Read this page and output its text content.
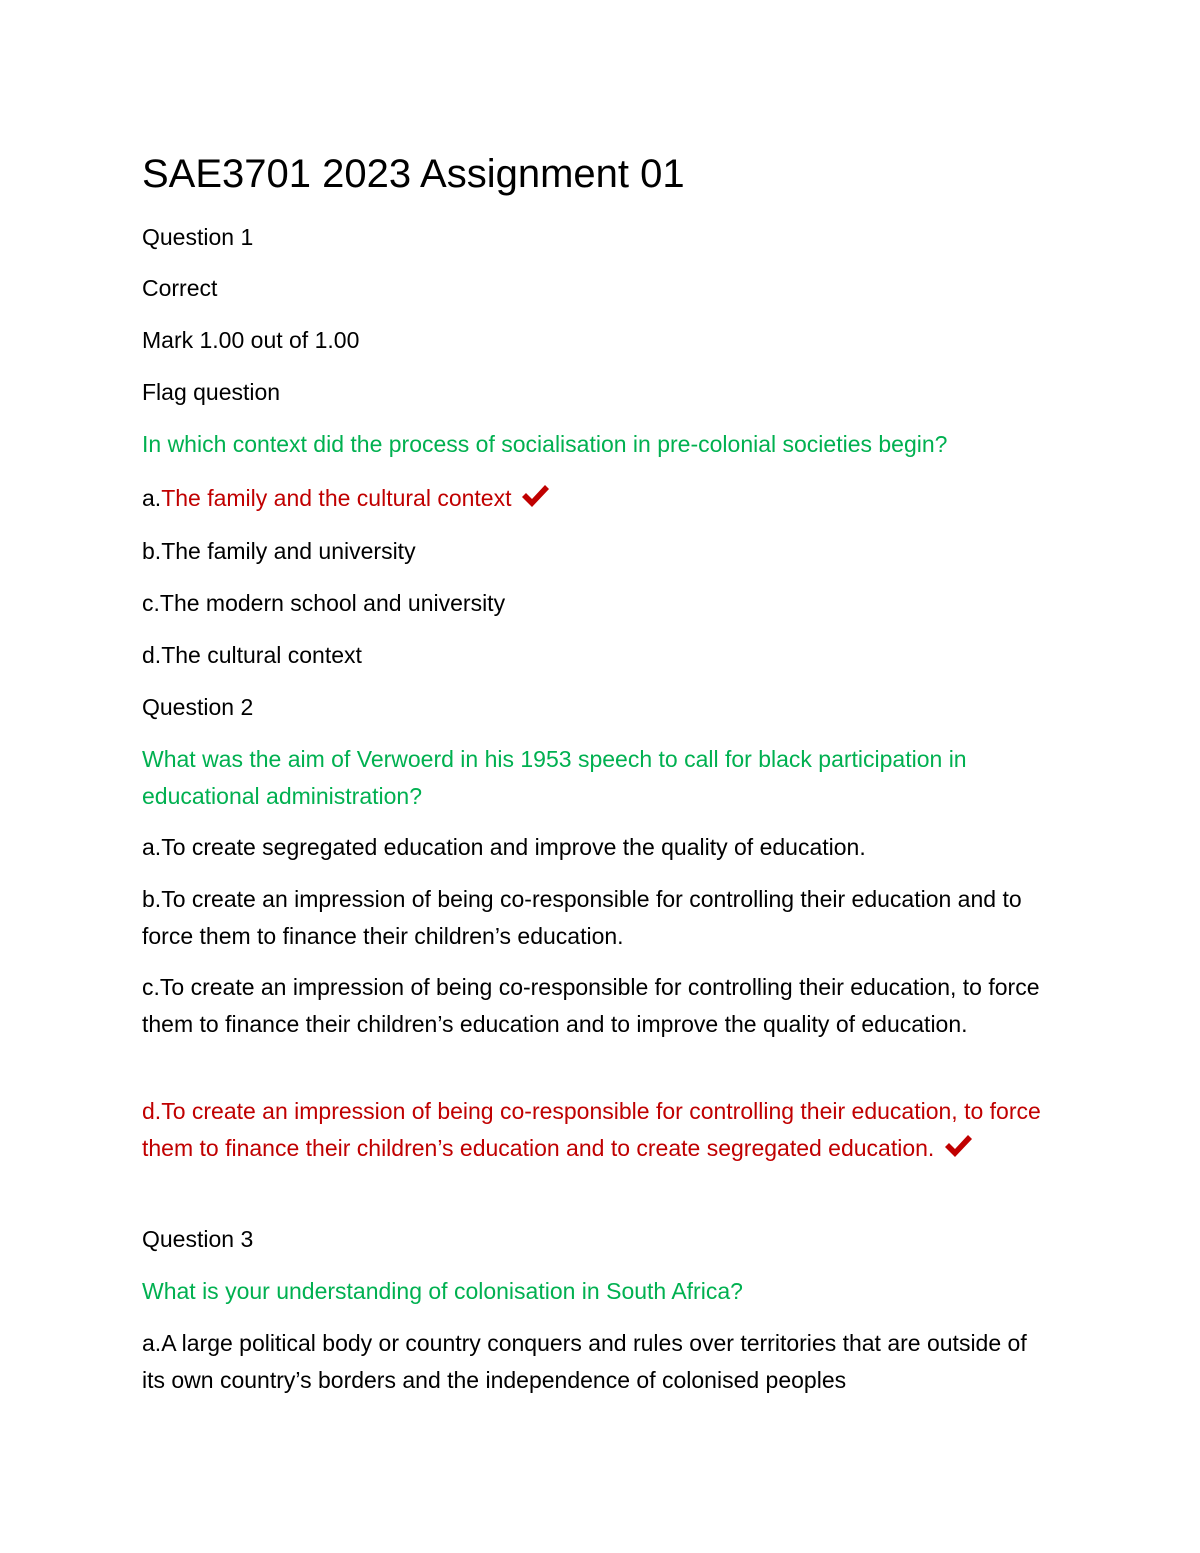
SAE3701 2023 Assignment 01

Question 1

Correct

Mark 1.00 out of 1.00

Flag question

In which context did the process of socialisation in pre-colonial societies begin?

a.The family and the cultural context

b.The family and university

c.The modern school and university

d.The cultural context

Question 2

What was the aim of Verwoerd in his 1953 speech to call for black participation in educational administration?

a.To create segregated education and improve the quality of education.

b.To create an impression of being co-responsible for controlling their education and to force them to finance their children’s education.

c.To create an impression of being co-responsible for controlling their education, to force them to finance their children’s education and to improve the quality of education.

d.To create an impression of being co-responsible for controlling their education, to force them to finance their children’s education and to create segregated education.

Question 3

What is your understanding of colonisation in South Africa?

a.A large political body or country conquers and rules over territories that are outside of its own country’s borders and the independence of colonised peoples
